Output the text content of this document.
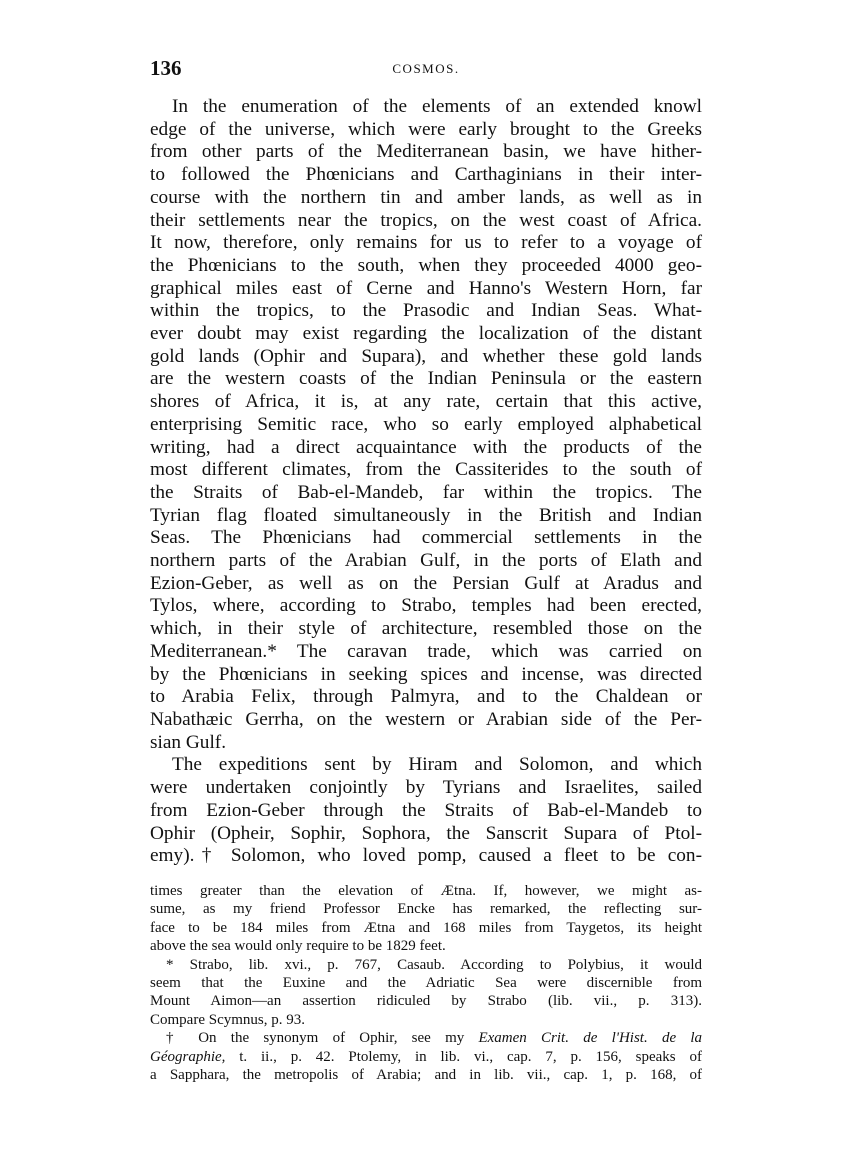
136	COSMOS.
In the enumeration of the elements of an extended knowl
edge of the universe, which were early brought to the Greeks
from other parts of the Mediterranean basin, we have hither-
to followed the Phœnicians and Carthaginians in their inter-
course with the northern tin and amber lands, as well as in
their settlements near the tropics, on the west coast of Africa.
It now, therefore, only remains for us to refer to a voyage of
the Phœnicians to the south, when they proceeded 4000 geo-
graphical miles east of Cerne and Hanno's Western Horn, far
within the tropics, to the Prasodic and Indian Seas. What-
ever doubt may exist regarding the localization of the distant
gold lands (Ophir and Supara), and whether these gold lands
are the western coasts of the Indian Peninsula or the eastern
shores of Africa, it is, at any rate, certain that this active,
enterprising Semitic race, who so early employed alphabetical
writing, had a direct acquaintance with the products of the
most different climates, from the Cassiterides to the south of
the Straits of Bab-el-Mandeb, far within the tropics. The
Tyrian flag floated simultaneously in the British and Indian
Seas. The Phœnicians had commercial settlements in the
northern parts of the Arabian Gulf, in the ports of Elath and
Ezion-Geber, as well as on the Persian Gulf at Aradus and
Tylos, where, according to Strabo, temples had been erected,
which, in their style of architecture, resembled those on the
Mediterranean.* The caravan trade, which was carried on
by the Phœnicians in seeking spices and incense, was directed
to Arabia Felix, through Palmyra, and to the Chaldean or
Nabathæic Gerrha, on the western or Arabian side of the Per-
sian Gulf.
The expeditions sent by Hiram and Solomon, and which
were undertaken conjointly by Tyrians and Israelites, sailed
from Ezion-Geber through the Straits of Bab-el-Mandeb to
Ophir (Opheir, Sophir, Sophora, the Sanscrit Supara of Ptol-
emy).† Solomon, who loved pomp, caused a fleet to be con-
times greater than the elevation of Ætna. If, however, we might as-
sume, as my friend Professor Encke has remarked, the reflecting sur-
face to be 184 miles from Ætna and 168 miles from Taygetos, its height
above the sea would only require to be 1829 feet.
* Strabo, lib. xvi., p. 767, Casaub. According to Polybius, it would
seem that the Euxine and the Adriatic Sea were discernible from
Mount Aimon—an assertion ridiculed by Strabo (lib. vii., p. 313).
Compare Scymnus, p. 93.
† On the synonym of Ophir, see my Examen Crit. de l'Hist. de la
Géographie, t. ii., p. 42. Ptolemy, in lib. vi., cap. 7, p. 156, speaks of
a Sapphara, the metropolis of Arabia; and in lib. vii., cap. 1, p. 168, of
